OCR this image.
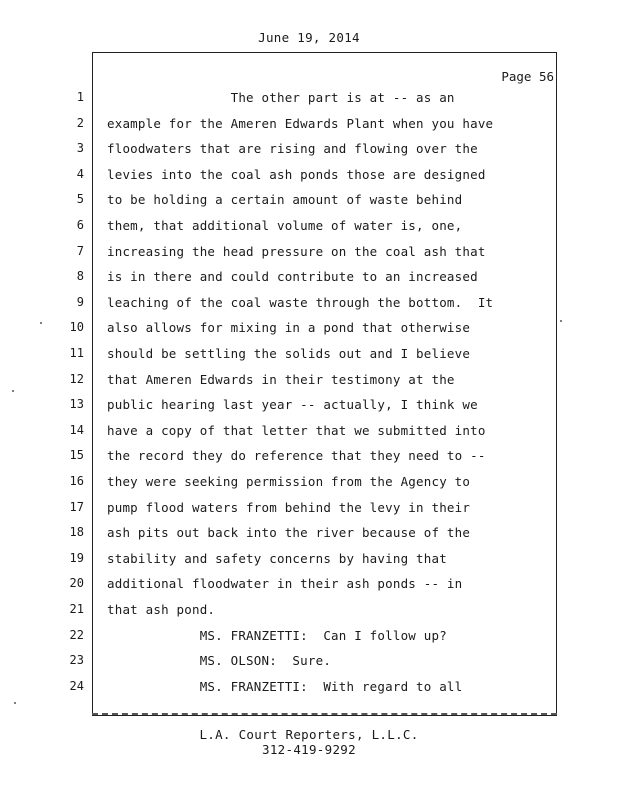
June 19, 2014
Page 56
1 The other part is at -- as an
2 example for the Ameren Edwards Plant when you have
3 floodwaters that are rising and flowing over the
4 levies into the coal ash ponds those are designed
5 to be holding a certain amount of waste behind
6 them, that additional volume of water is, one,
7 increasing the head pressure on the coal ash that
8 is in there and could contribute to an increased
9 leaching of the coal waste through the bottom.  It
10 also allows for mixing in a pond that otherwise
11 should be settling the solids out and I believe
12 that Ameren Edwards in their testimony at the
13 public hearing last year -- actually, I think we
14 have a copy of that letter that we submitted into
15 the record they do reference that they need to --
16 they were seeking permission from the Agency to
17 pump flood waters from behind the levy in their
18 ash pits out back into the river because of the
19 stability and safety concerns by having that
20 additional floodwater in their ash ponds -- in
21 that ash pond.
22 MS. FRANZETTI:  Can I follow up?
23 MS. OLSON:  Sure.
24 MS. FRANZETTI:  With regard to all
L.A. Court Reporters, L.L.C.
312-419-9292
